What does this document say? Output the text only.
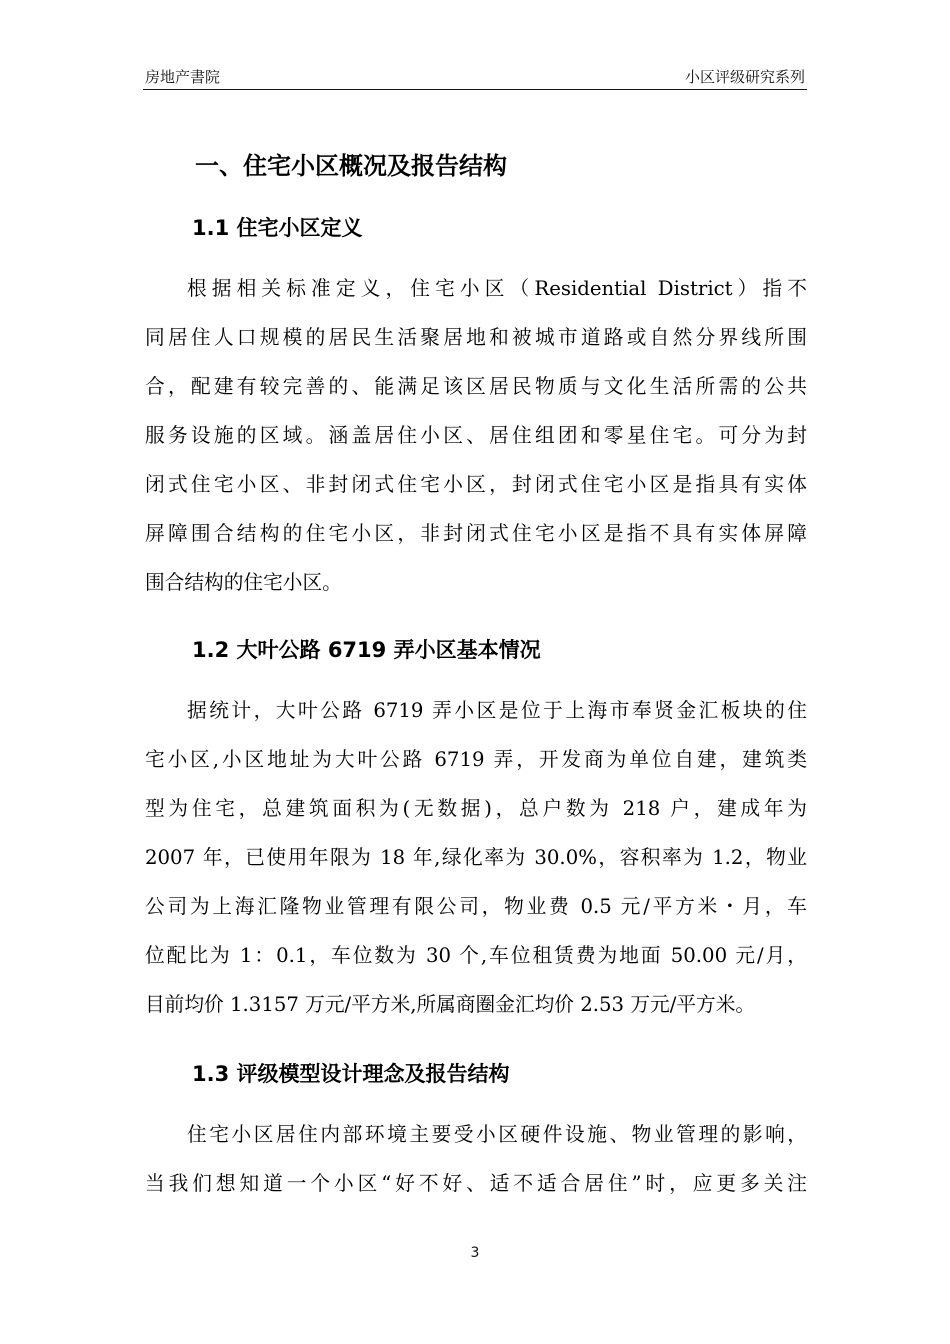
房地产書院	小区评级研究系列
一、住宅小区概况及报告结构
1.1 住宅小区定义
根据相关标准定义，住宅小区（Residential District）指不
同居住人口规模的居民生活聚居地和被城市道路或自然分界线所围
合，配建有较完善的、能满足该区居民物质与文化生活所需的公共
服务设施的区域。涵盖居住小区、居住组团和零星住宅。可分为封
闭式住宅小区、非封闭式住宅小区，封闭式住宅小区是指具有实体
屏障围合结构的住宅小区，非封闭式住宅小区是指不具有实体屏障
围合结构的住宅小区。
1.2 大叶公路 6719 弄小区基本情况
据统计，大叶公路 6719 弄小区是位于上海市奉贤金汇板块的住
宅小区,小区地址为大叶公路 6719 弄，开发商为单位自建，建筑类
型为住宅，总建筑面积为(无数据)，总户数为 218 户，建成年为
2007 年，已使用年限为 18 年,绿化率为 30.0%，容积率为 1.2，物业
公司为上海汇隆物业管理有限公司，物业费 0.5 元/平方米・月，车
位配比为 1：0.1，车位数为 30 个,车位租赁费为地面 50.00 元/月，
目前均价 1.3157 万元/平方米,所属商圈金汇均价 2.53 万元/平方米。
1.3 评级模型设计理念及报告结构
住宅小区居住内部环境主要受小区硬件设施、物业管理的影响，
当我们想知道一个小区“好不好、适不适合居住”时，应更多关注
3
